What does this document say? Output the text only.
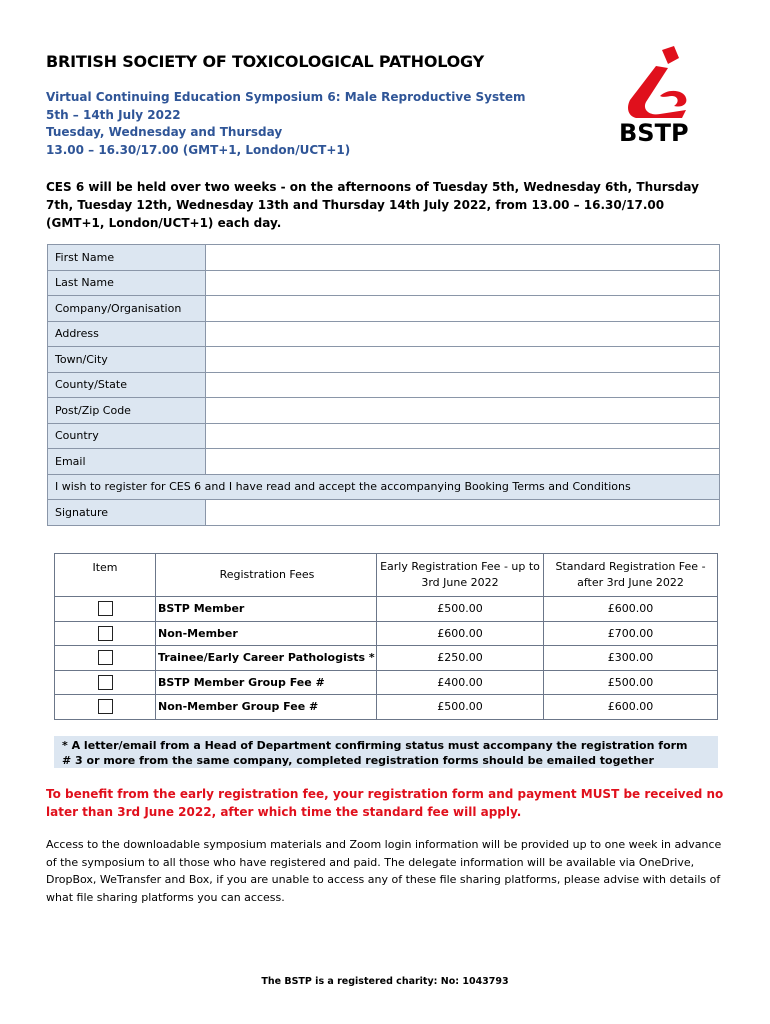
BRITISH SOCIETY OF TOXICOLOGICAL PATHOLOGY
Virtual Continuing Education Symposium 6: Male Reproductive System
5th – 14th July 2022
Tuesday, Wednesday and Thursday
13.00 – 16.30/17.00 (GMT+1, London/UCT+1)
BSTP
CES 6 will be held over two weeks - on the afternoons of Tuesday 5th, Wednesday 6th, Thursday 7th, Tuesday 12th, Wednesday 13th and Thursday 14th July 2022, from 13.00 – 16.30/17.00 (GMT+1, London/UCT+1) each day.
First Name	
Last Name	
Company/Organisation	
Address	
Town/City	
County/State	
Post/Zip Code	
Country	
Email	
I wish to register for CES 6 and I have read and accept the accompanying Booking Terms and Conditions	
Signature	
Item	Registration Fees	Early Registration Fee - up to 3rd June 2022	Standard Registration Fee - after 3rd June 2022
	BSTP Member	£500.00	£600.00
	Non-Member	£600.00	£700.00
	Trainee/Early Career Pathologists *	£250.00	£300.00
	BSTP Member Group Fee #	£400.00	£500.00
	Non-Member Group Fee #	£500.00	£600.00
* A letter/email from a Head of Department confirming status must accompany the registration form
# 3 or more from the same company, completed registration forms should be emailed together
To benefit from the early registration fee, your registration form and payment MUST be received no later than 3rd June 2022, after which time the standard fee will apply.
Access to the downloadable symposium materials and Zoom login information will be provided up to one week in advance of the symposium to all those who have registered and paid. The delegate information will be available via OneDrive, DropBox, WeTransfer and Box, if you are unable to access any of these file sharing platforms, please advise with details of what file sharing platforms you can access.
The BSTP is a registered charity: No: 1043793
